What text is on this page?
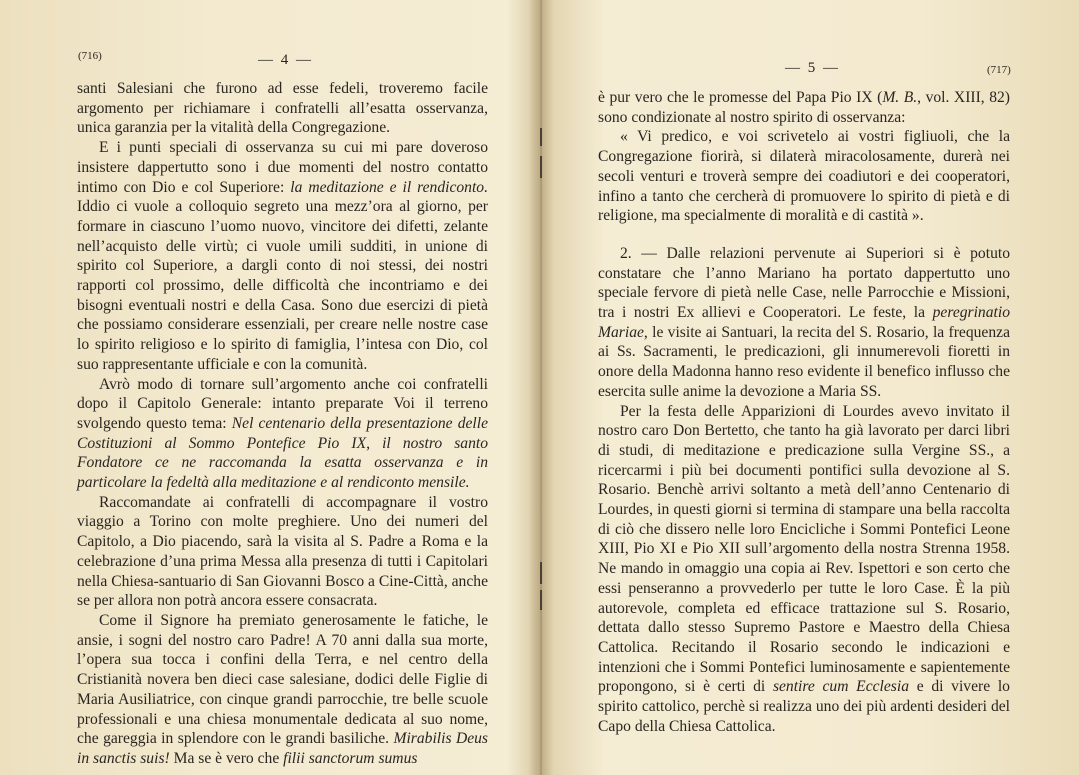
(716)	— 4 —

santi Salesiani che furono ad esse fedeli, troveremo facile argomento per richiamare i confratelli all’esatta osservanza, unica garanzia per la vitalità della Congregazione.

E i punti speciali di osservanza su cui mi pare doveroso insistere dappertutto sono i due momenti del nostro contatto intimo con Dio e col Superiore: la meditazione e il rendiconto. Iddio ci vuole a colloquio segreto una mezz’ora al giorno, per formare in ciascuno l’uomo nuovo, vincitore dei difetti, zelante nell’acquisto delle virtù; ci vuole umili sudditi, in unione di spirito col Superiore, a dargli conto di noi stessi, dei nostri rapporti col prossimo, delle difficoltà che incontriamo e dei bisogni eventuali nostri e della Casa. Sono due esercizi di pietà che possiamo considerare essenziali, per creare nelle nostre case lo spirito religioso e lo spirito di famiglia, l’intesa con Dio, col suo rappresentante ufficiale e con la comunità.

Avrò modo di tornare sull’argomento anche coi confratelli dopo il Capitolo Generale: intanto preparate Voi il terreno svolgendo questo tema: Nel centenario della presentazione delle Costituzioni al Sommo Pontefice Pio IX, il nostro santo Fondatore ce ne raccomanda la esatta osservanza e in particolare la fedeltà alla meditazione e al rendiconto mensile.

Raccomandate ai confratelli di accompagnare il vostro viaggio a Torino con molte preghiere. Uno dei numeri del Capitolo, a Dio piacendo, sarà la visita al S. Padre a Roma e la celebrazione d’una prima Messa alla presenza di tutti i Capitolari nella Chiesa-santuario di San Giovanni Bosco a Cine-Città, anche se per allora non potrà ancora essere consacrata.

Come il Signore ha premiato generosamente le fatiche, le ansie, i sogni del nostro caro Padre! A 70 anni dalla sua morte, l’opera sua tocca i confini della Terra, e nel centro della Cristianità novera ben dieci case salesiane, dodici delle Figlie di Maria Ausiliatrice, con cinque grandi parrocchie, tre belle scuole professionali e una chiesa monumentale dedicata al suo nome, che gareggia in splendore con le grandi basiliche. Mirabilis Deus in sanctis suis! Ma se è vero che filii sanctorum sumus

— 5 —	(717)

è pur vero che le promesse del Papa Pio IX (M. B., vol. XIII, 82) sono condizionate al nostro spirito di osservanza:

« Vi predico, e voi scrivetelo ai vostri figliuoli, che la Congregazione fiorirà, si dilaterà miracolosamente, durerà nei secoli venturi e troverà sempre dei coadiutori e dei cooperatori, infino a tanto che cercherà di promuovere lo spirito di pietà e di religione, ma specialmente di moralità e di castità ».

2. — Dalle relazioni pervenute ai Superiori si è potuto constatare che l’anno Mariano ha portato dappertutto uno speciale fervore di pietà nelle Case, nelle Parrocchie e Missioni, tra i nostri Ex allievi e Cooperatori. Le feste, la peregrinatio Mariae, le visite ai Santuari, la recita del S. Rosario, la frequenza ai Ss. Sacramenti, le predicazioni, gli innumerevoli fioretti in onore della Madonna hanno reso evidente il benefico influsso che esercita sulle anime la devozione a Maria SS.

Per la festa delle Apparizioni di Lourdes avevo invitato il nostro caro Don Bertetto, che tanto ha già lavorato per darci libri di studi, di meditazione e predicazione sulla Vergine SS., a ricercarmi i più bei documenti pontifici sulla devozione al S. Rosario. Benchè arrivi soltanto a metà dell’anno Centenario di Lourdes, in questi giorni si termina di stampare una bella raccolta di ciò che dissero nelle loro Encicliche i Sommi Pontefici Leone XIII, Pio XI e Pio XII sull’argomento della nostra Strenna 1958. Ne mando in omaggio una copia ai Rev. Ispettori e son certo che essi penseranno a provvederlo per tutte le loro Case. È la più autorevole, completa ed efficace trattazione sul S. Rosario, dettata dallo stesso Supremo Pastore e Maestro della Chiesa Cattolica. Recitando il Rosario secondo le indicazioni e intenzioni che i Sommi Pontefici luminosamente e sapientemente propongono, si è certi di sentire cum Ecclesia e di vivere lo spirito cattolico, perchè si realizza uno dei più ardenti desideri del Capo della Chiesa Cattolica.
